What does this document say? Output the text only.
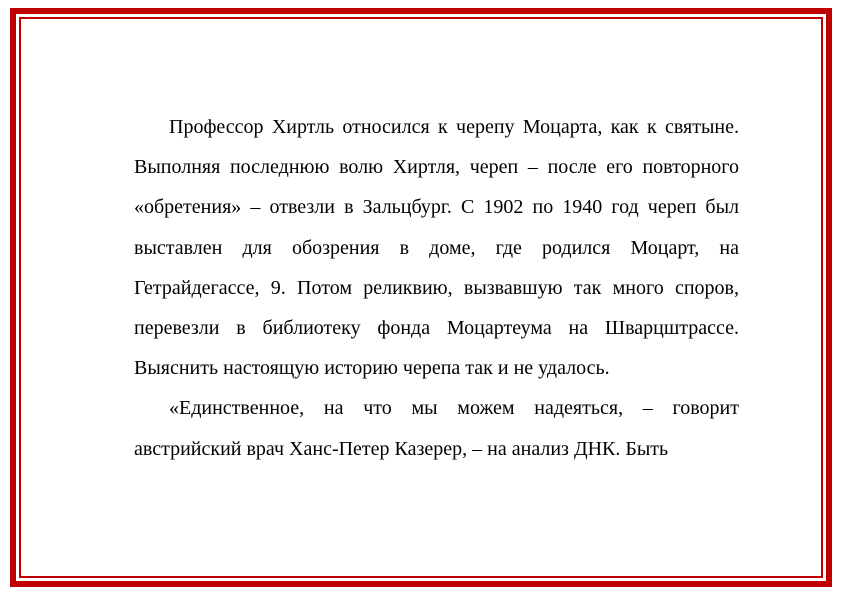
Профессор Хиртль относился к черепу Моцарта, как к святыне. Выполняя последнюю волю Хиртля, череп – после его повторного «обретения» – отвезли в Зальцбург. С 1902 по 1940 год череп был выставлен для обозрения в доме, где родился Моцарт, на Гетрайдегассе, 9. Потом реликвию, вызвавшую так много споров, перевезли в библиотеку фонда Моцартеума на Шварцштрассе. Выяснить настоящую историю черепа так и не удалось.

«Единственное, на что мы можем надеяться, – говорит австрийский врач Ханс-Петер Казерер, – на анализ ДНК. Быть
